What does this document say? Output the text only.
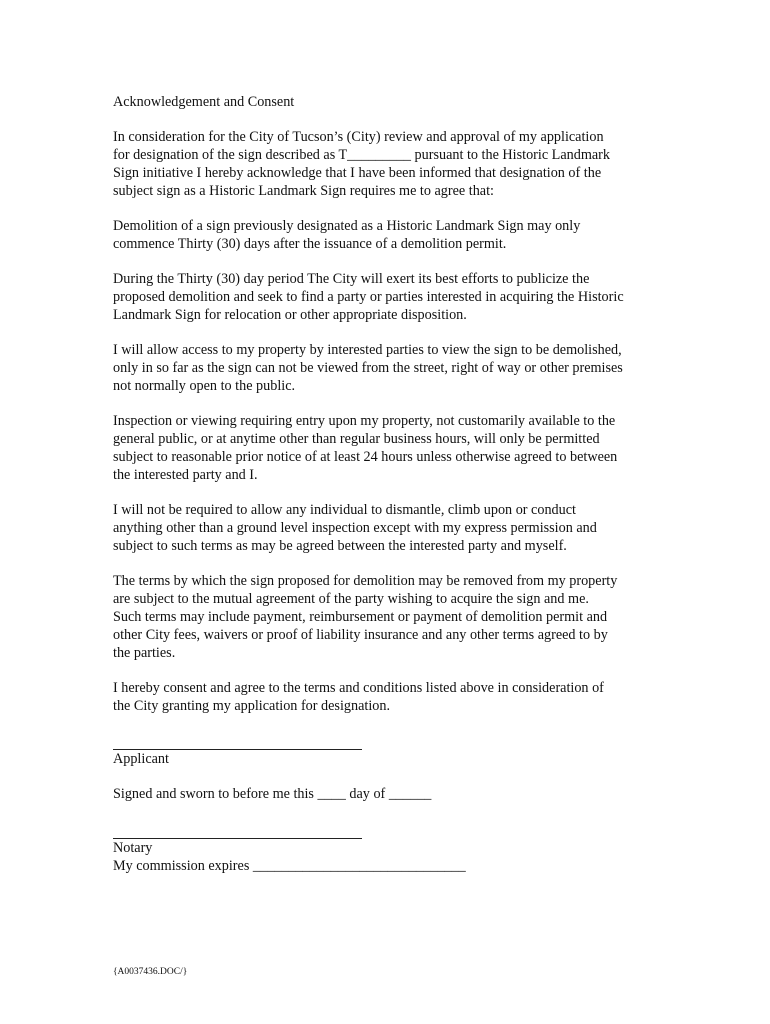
Acknowledgement and Consent
In consideration for the City of Tucson’s (City) review and approval of my application
for designation of the sign described as T_________ pursuant to the Historic Landmark
Sign initiative I hereby acknowledge that I have been informed that designation of the
subject sign as a Historic Landmark Sign requires me to agree that:
Demolition of a sign previously designated as a Historic Landmark Sign may only
commence Thirty (30) days after the issuance of a demolition permit.
During the Thirty (30) day period The City will exert its best efforts to publicize the
proposed demolition and seek to find a party or parties interested in acquiring the Historic
Landmark Sign for relocation or other appropriate disposition.
I will allow access to my property by interested parties to view the sign to be demolished,
only in so far as the sign can not be viewed from the street, right of way or other premises
not normally open to the public.
Inspection or viewing requiring entry upon my property, not customarily available to the
general public, or at anytime other than regular business hours, will only be permitted
subject to reasonable prior notice of at least 24 hours unless otherwise agreed to between
the interested party and I.
I will not be required to allow any individual to dismantle, climb upon or conduct
anything other than a ground level inspection except with my express permission and
subject to such terms as may be agreed between the interested party and myself.
The terms by which the sign proposed for demolition may be removed from my property
are subject to the mutual agreement of the party wishing to acquire the sign and me.
Such terms may include payment, reimbursement or payment of demolition permit and
other City fees, waivers or proof of liability insurance and any other terms agreed to by
the parties.
I hereby consent and agree to the terms and conditions listed above in consideration of
the City granting my application for designation.
Applicant
Signed and sworn to before me this ____ day of ______
Notary
My commission expires ______________________________
{A0037436.DOC/}
